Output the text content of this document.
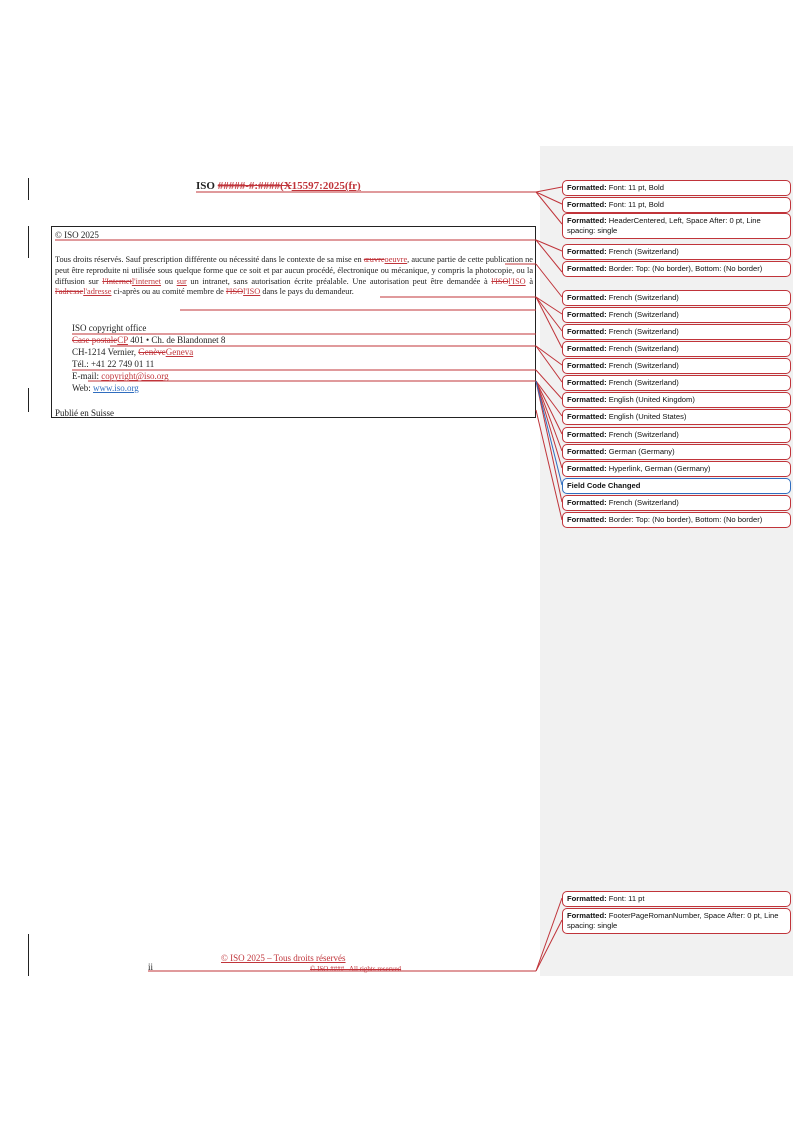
ISO #####-#:####(X15597:2025(fr)
© ISO 2025
Tous droits réservés. Sauf prescription différente ou nécessité dans le contexte de sa mise en œuvreoeuvre, aucune partie de cette publication ne peut être reproduite ni utilisée sous quelque forme que ce soit et par aucun procédé, électronique ou mécanique, y compris la photocopie, ou la diffusion sur l'Internetl'internet ou sur un intranet, sans autorisation écrite préalable. Une autorisation peut être demandée à l'ISOl'ISO à l'adressel'adresse ci-après ou au comité membre de l'ISOl'ISO dans le pays du demandeur.
ISO copyright office
Case postaleCP 401 • Ch. de Blandonnet 8
CH-1214 Vernier, GenèveGeneva
Tél.: +41 22 749 01 11
E-mail: copyright@iso.org
Web: www.iso.org
Publié en Suisse
© ISO 2025 – Tous droits réservés
ii	© ISO ####– All rights reserved
Formatted: Font: 11 pt, Bold
Formatted: Font: 11 pt, Bold
Formatted: HeaderCentered, Left, Space After: 0 pt, Line spacing: single
Formatted: French (Switzerland)
Formatted: Border: Top: (No border), Bottom: (No border)
Formatted: French (Switzerland)
Formatted: French (Switzerland)
Formatted: French (Switzerland)
Formatted: French (Switzerland)
Formatted: French (Switzerland)
Formatted: French (Switzerland)
Formatted: English (United Kingdom)
Formatted: English (United States)
Formatted: French (Switzerland)
Formatted: German (Germany)
Formatted: Hyperlink, German (Germany)
Field Code Changed
Formatted: French (Switzerland)
Formatted: Border: Top: (No border), Bottom: (No border)
Formatted: Font: 11 pt
Formatted: FooterPageRomanNumber, Space After: 0 pt, Line spacing: single
